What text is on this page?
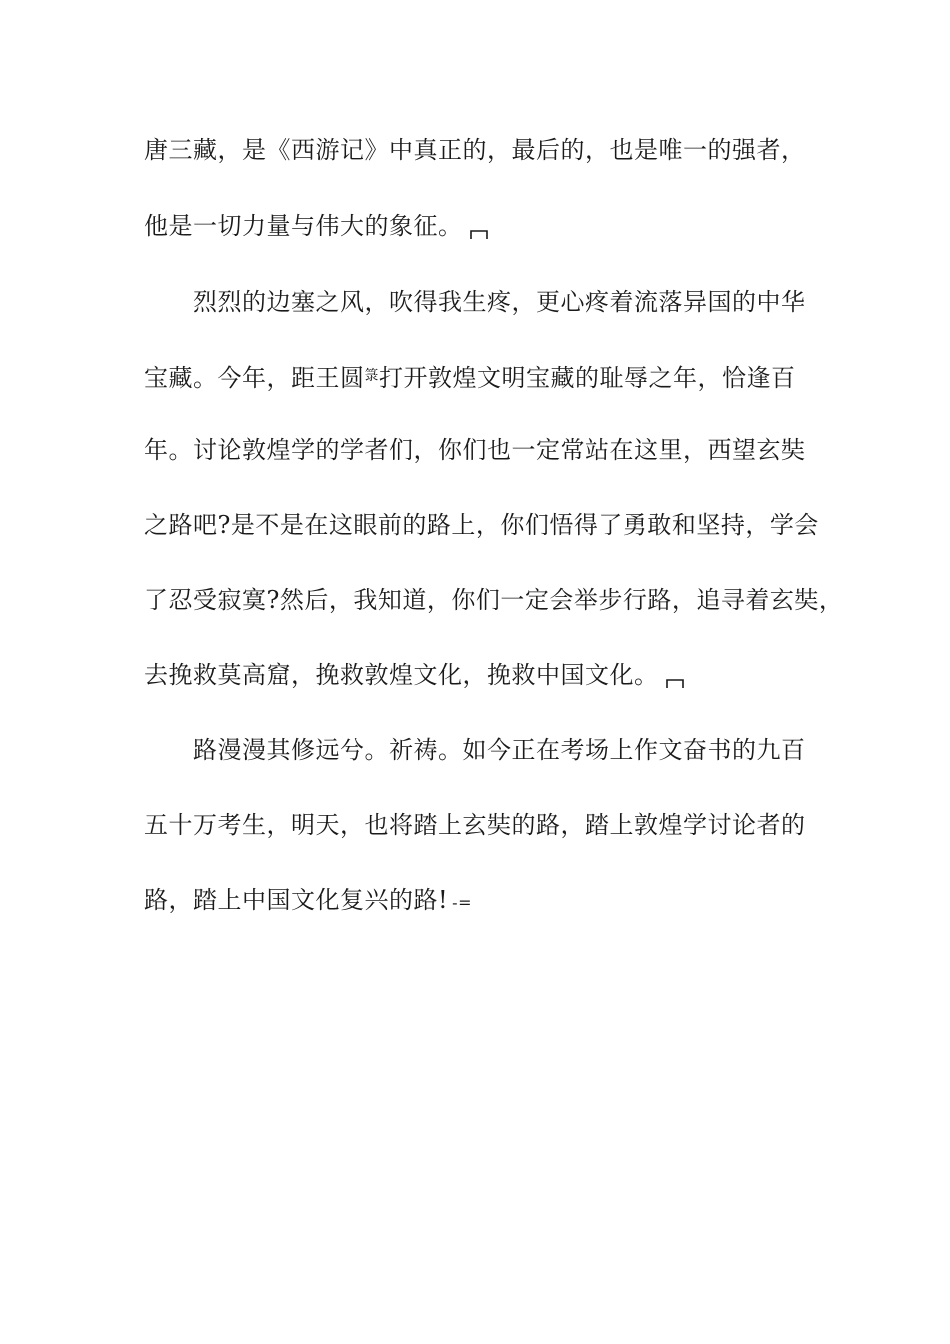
唐三藏，是《西游记》中真正的，最后的，也是唯一的强者，
他是一切力量与伟大的象征。
烈烈的边塞之风，吹得我生疼，更心疼着流落异国的中华
宝藏。今年，距王圆$^箓$打开敦煌文明宝藏的耻辱之年，恰逢百
年。讨论敦煌学的学者们，你们也一定常站在这里，西望玄奘
之路吧?是不是在这眼前的路上，你们悟得了勇敢和坚持，学会
了忍受寂寞?然后，我知道，你们一定会举步行路，追寻着玄奘，
去挽救莫高窟，挽救敦煌文化，挽救中国文化。
路漫漫其修远兮。祈祷。如今正在考场上作文奋书的九百
五十万考生，明天，也将踏上玄奘的路，踏上敦煌学讨论者的
路，踏上中国文化复兴的路! -=
